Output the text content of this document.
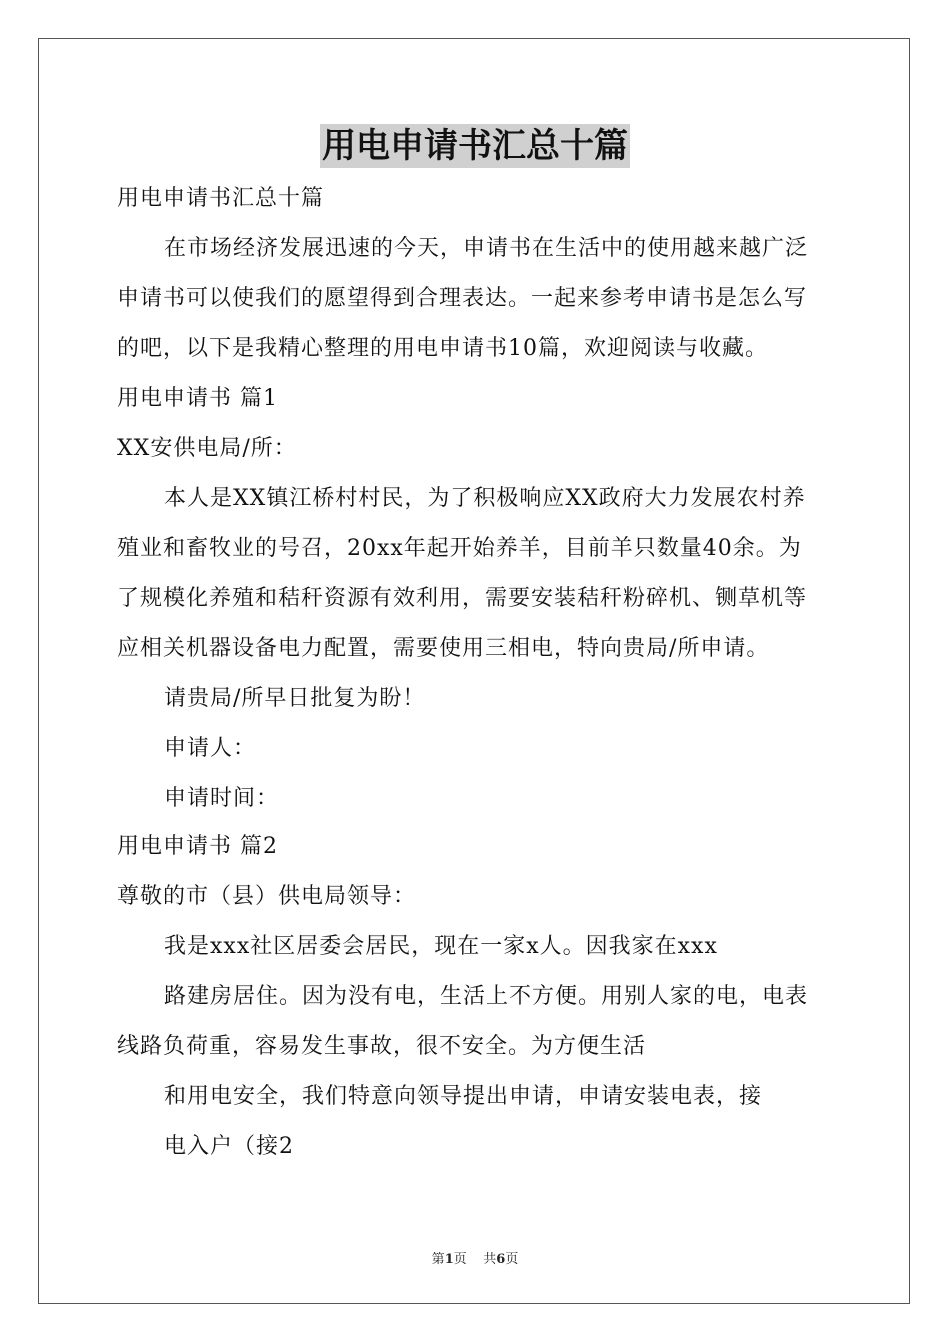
用电申请书汇总十篇
用电申请书汇总十篇
在市场经济发展迅速的今天，申请书在生活中的使用越来越广泛
申请书可以使我们的愿望得到合理表达。一起来参考申请书是怎么写
的吧，以下是我精心整理的用电申请书10篇，欢迎阅读与收藏。
用电申请书 篇1
XX安供电局/所：
本人是XX镇江桥村村民，为了积极响应XX政府大力发展农村养
殖业和畜牧业的号召，20xx年起开始养羊，目前羊只数量40余。为
了规模化养殖和秸秆资源有效利用，需要安装秸秆粉碎机、铡草机等
应相关机器设备电力配置，需要使用三相电，特向贵局/所申请。
请贵局/所早日批复为盼！
申请人：
申请时间：
用电申请书 篇2
尊敬的市（县）供电局领导：
我是xxx社区居委会居民，现在一家x人。因我家在xxx
路建房居住。因为没有电，生活上不方便。用别人家的电，电表
线路负荷重，容易发生事故，很不安全。为方便生活
和用电安全，我们特意向领导提出申请，申请安装电表，接
电入户（接2
第1页    共6页
